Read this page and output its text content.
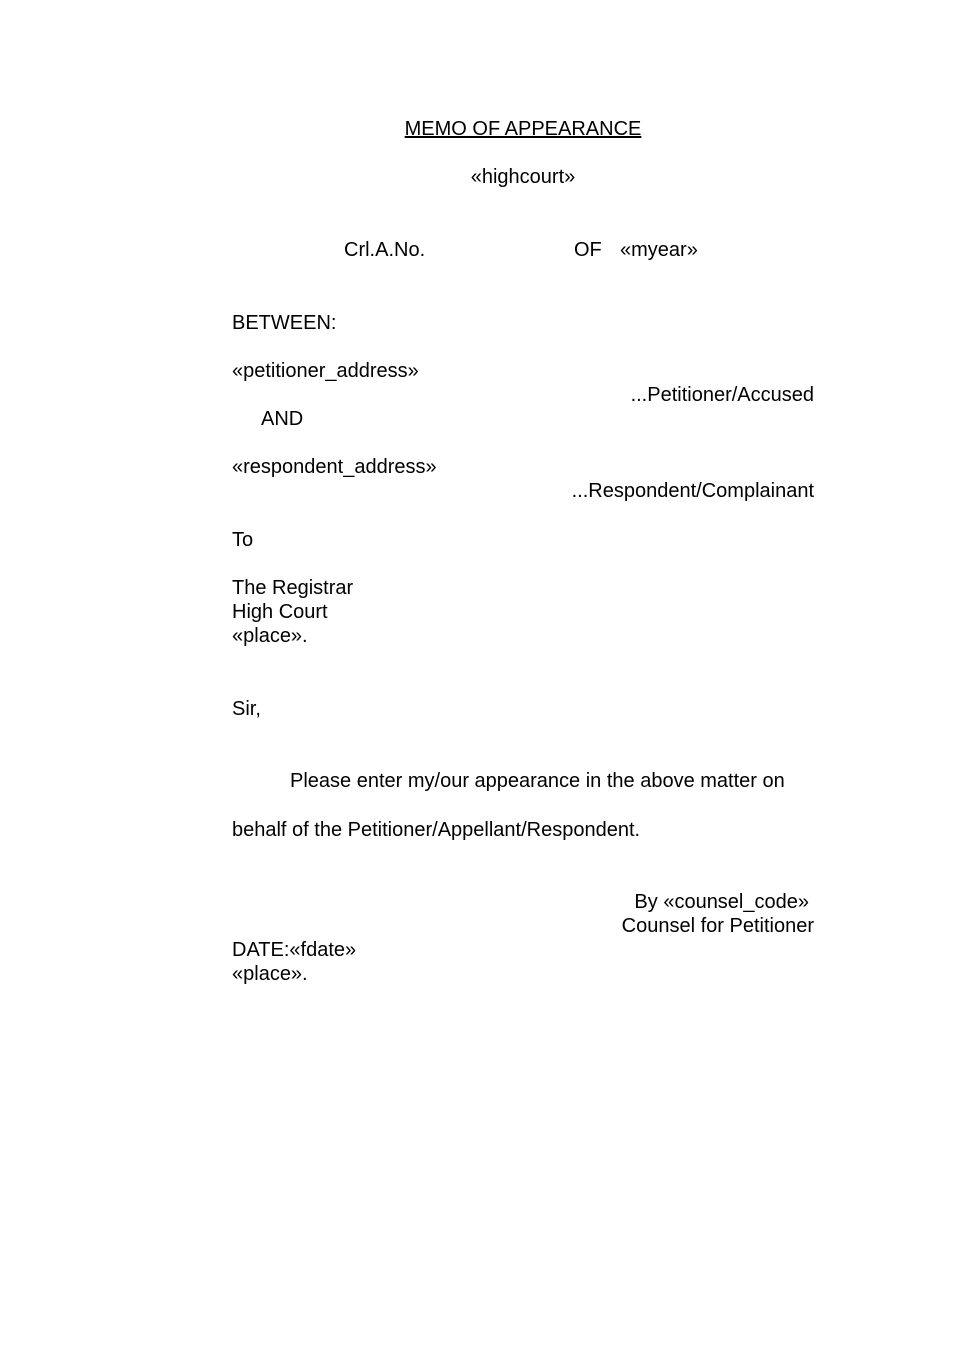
MEMO OF APPEARANCE
«highcourt»
Crl.A.No.	OF «myear»
BETWEEN:
«petitioner_address»
...Petitioner/Accused
AND
«respondent_address»
...Respondent/Complainant
To
The Registrar
High Court
«place».
Sir,
Please enter my/our appearance in the above matter on
behalf of the Petitioner/Appellant/Respondent.
By «counsel_code»
Counsel for Petitioner
DATE:«fdate»
«place».
